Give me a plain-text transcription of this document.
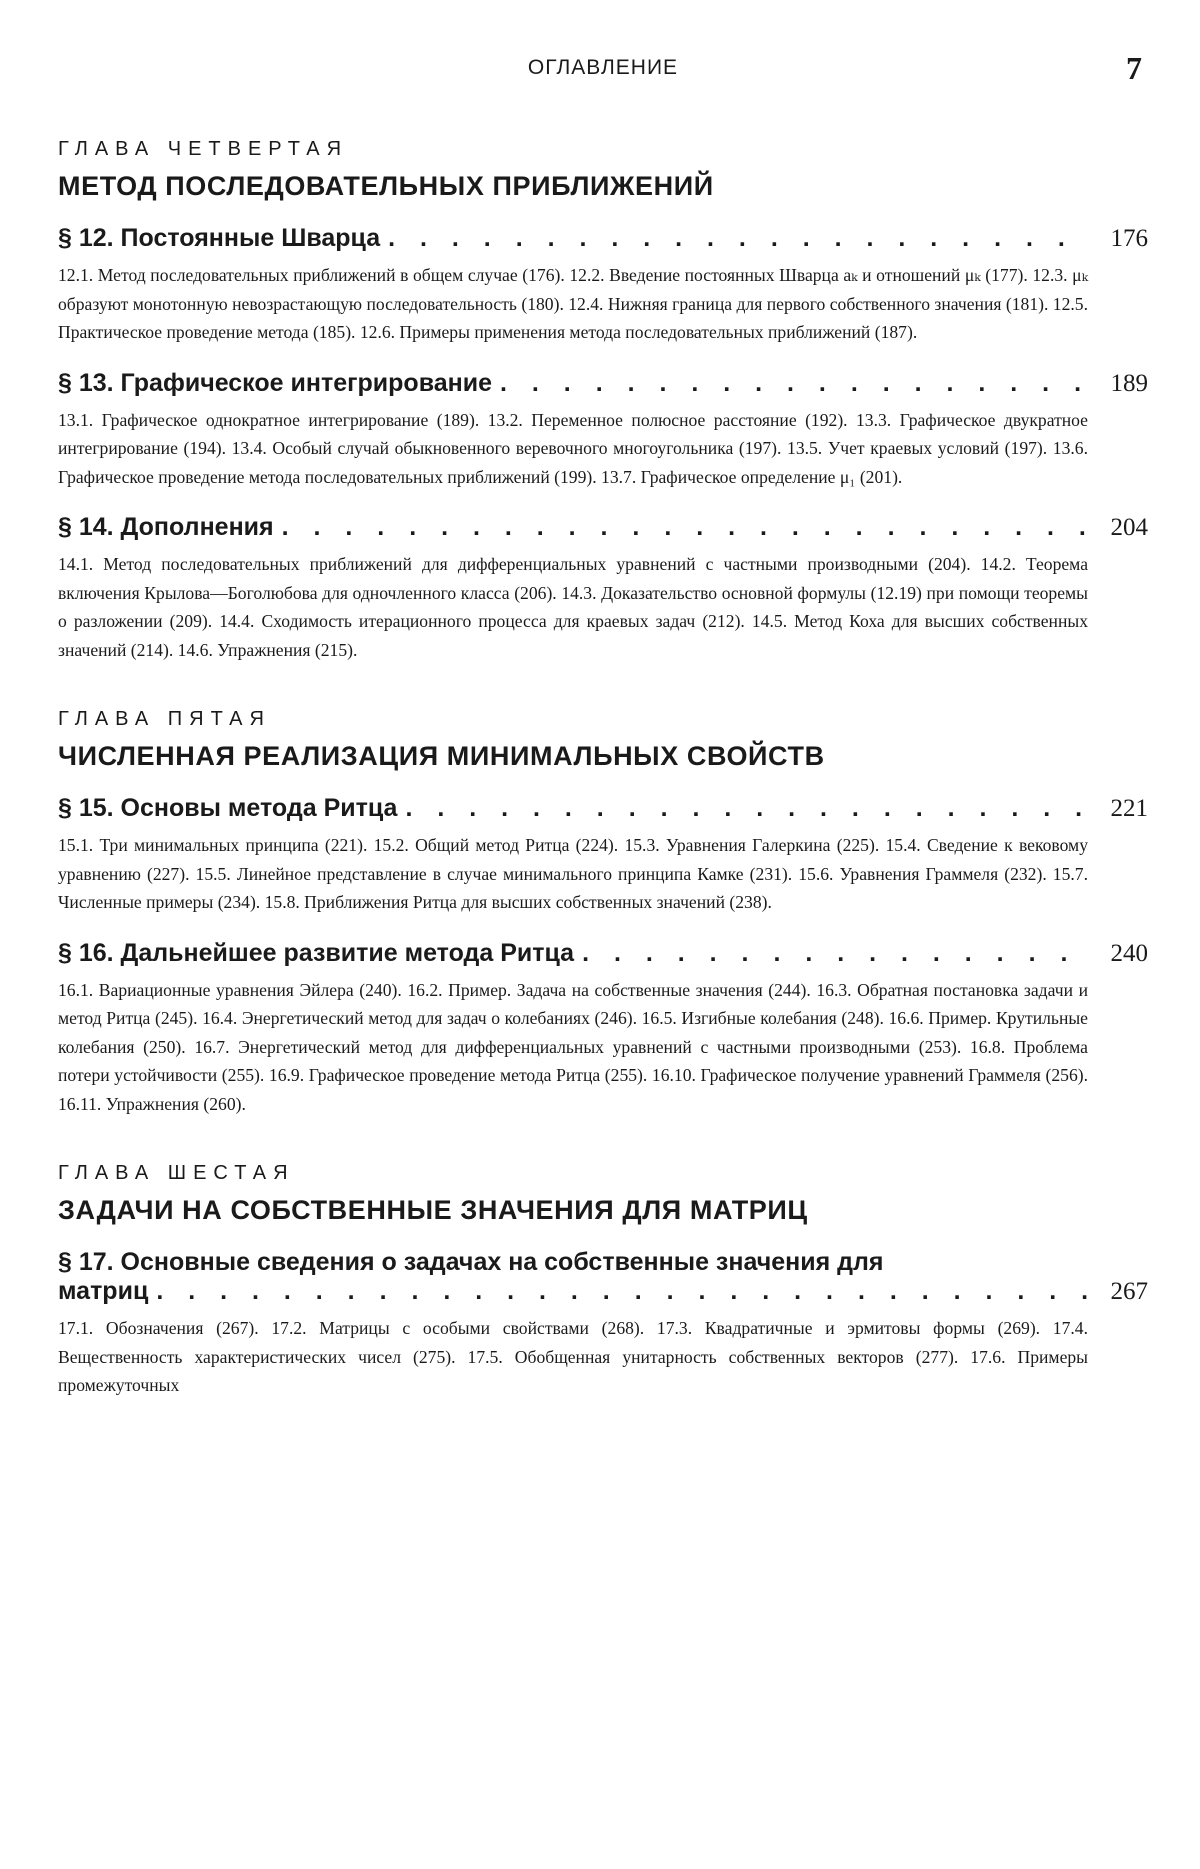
ОГЛАВЛЕНИЕ	7
ГЛАВА ЧЕТВЕРТАЯ
МЕТОД ПОСЛЕДОВАТЕЛЬНЫХ ПРИБЛИЖЕНИЙ
§ 12. Постоянные Шварца . . .	176
12.1. Метод последовательных приближений в общем случае (176). 12.2. Введение постоянных Шварца aₖ и отношений μₖ (177). 12.3. μₖ образуют монотонную невозрастающую последовательность (180). 12.4. Нижняя граница для первого собственного значения (181). 12.5. Практическое проведение метода (185). 12.6. Примеры применения метода последовательных приближений (187).
§ 13. Графическое интегрирование . . .	189
13.1. Графическое однократное интегрирование (189). 13.2. Переменное полюсное расстояние (192). 13.3. Графическое двукратное интегрирование (194). 13.4. Особый случай обыкновенного веревочного многоугольника (197). 13.5. Учет краевых условий (197). 13.6. Графическое проведение метода последовательных приближений (199). 13.7. Графическое определение μ₁ (201).
§ 14. Дополнения . . .	204
14.1. Метод последовательных приближений для дифференциальных уравнений с частными производными (204). 14.2. Теорема включения Крылова—Боголюбова для одночленного класса (206). 14.3. Доказательство основной формулы (12.19) при помощи теоремы о разложении (209). 14.4. Сходимость итерационного процесса для краевых задач (212). 14.5. Метод Коха для высших собственных значений (214). 14.6. Упражнения (215).
ГЛАВА ПЯТАЯ
ЧИСЛЕННАЯ РЕАЛИЗАЦИЯ МИНИМАЛЬНЫХ СВОЙСТВ
§ 15. Основы метода Ритца . . .	221
15.1. Три минимальных принципа (221). 15.2. Общий метод Ритца (224). 15.3. Уравнения Галеркина (225). 15.4. Сведение к вековому уравнению (227). 15.5. Линейное представление в случае минимального принципа Камке (231). 15.6. Уравнения Граммеля (232). 15.7. Численные примеры (234). 15.8. Приближения Ритца для высших собственных значений (238).
§ 16. Дальнейшее развитие метода Ритца . . .	240
16.1. Вариационные уравнения Эйлера (240). 16.2. Пример. Задача на собственные значения (244). 16.3. Обратная постановка задачи и метод Ритца (245). 16.4. Энергетический метод для задач о колебаниях (246). 16.5. Изгибные колебания (248). 16.6. Пример. Крутильные колебания (250). 16.7. Энергетический метод для дифференциальных уравнений с частными производными (253). 16.8. Проблема потери устойчивости (255). 16.9. Графическое проведение метода Ритца (255). 16.10. Графическое получение уравнений Граммеля (256). 16.11. Упражнения (260).
ГЛАВА ШЕСТАЯ
ЗАДАЧИ НА СОБСТВЕННЫЕ ЗНАЧЕНИЯ ДЛЯ МАТРИЦ
§ 17. Основные сведения о задачах на собственные значения для
матриц . . .	267
17.1. Обозначения (267). 17.2. Матрицы с особыми свойствами (268). 17.3. Квадратичные и эрмитовы формы (269). 17.4. Вещественность характеристических чисел (275). 17.5. Обобщенная унитарность собственных векторов (277). 17.6. Примеры промежуточных
